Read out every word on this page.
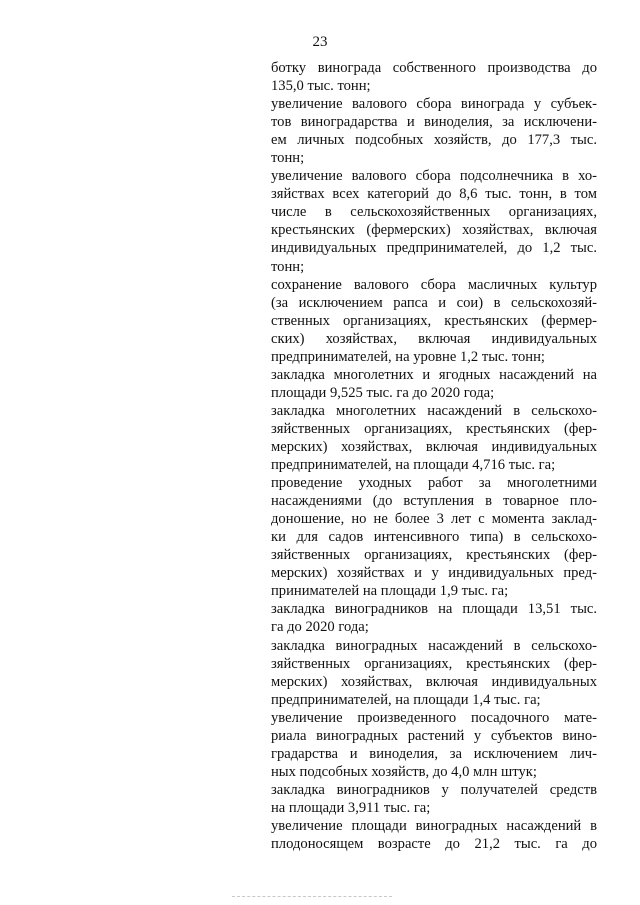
23
ботку винограда собственного производства до
135,0 тыс. тонн;
увеличение валового сбора винограда у субъек-
тов виноградарства и виноделия, за исключени-
ем личных подсобных хозяйств, до 177,3 тыс.
тонн;
увеличение валового сбора подсолнечника в хо-
зяйствах всех категорий до 8,6 тыс. тонн, в том
числе в сельскохозяйственных организациях,
крестьянских (фермерских) хозяйствах, включая
индивидуальных предпринимателей, до 1,2 тыс.
тонн;
сохранение валового сбора масличных культур
(за исключением рапса и сои) в сельскохозяй-
ственных организациях, крестьянских (фермер-
ских) хозяйствах, включая индивидуальных
предпринимателей, на уровне 1,2 тыс. тонн;
закладка многолетних и ягодных насаждений на
площади 9,525 тыс. га до 2020 года;
закладка многолетних насаждений в сельскохо-
зяйственных организациях, крестьянских (фер-
мерских) хозяйствах, включая индивидуальных
предпринимателей, на площади 4,716 тыс. га;
проведение уходных работ за многолетними
насаждениями (до вступления в товарное пло-
доношение, но не более 3 лет с момента заклад-
ки для садов интенсивного типа) в сельскохо-
зяйственных организациях, крестьянских (фер-
мерских) хозяйствах и у индивидуальных пред-
принимателей на площади 1,9 тыс. га;
закладка виноградников на площади 13,51 тыс.
га до 2020 года;
закладка виноградных насаждений в сельскохо-
зяйственных организациях, крестьянских (фер-
мерских) хозяйствах, включая индивидуальных
предпринимателей, на площади 1,4 тыс. га;
увеличение произведенного посадочного мате-
риала виноградных растений у субъектов вино-
градарства и виноделия, за исключением лич-
ных подсобных хозяйств, до 4,0 млн штук;
закладка виноградников у получателей средств
на площади 3,911 тыс. га;
увеличение площади виноградных насаждений в
плодоносящем возрасте до 21,2 тыс. га до
